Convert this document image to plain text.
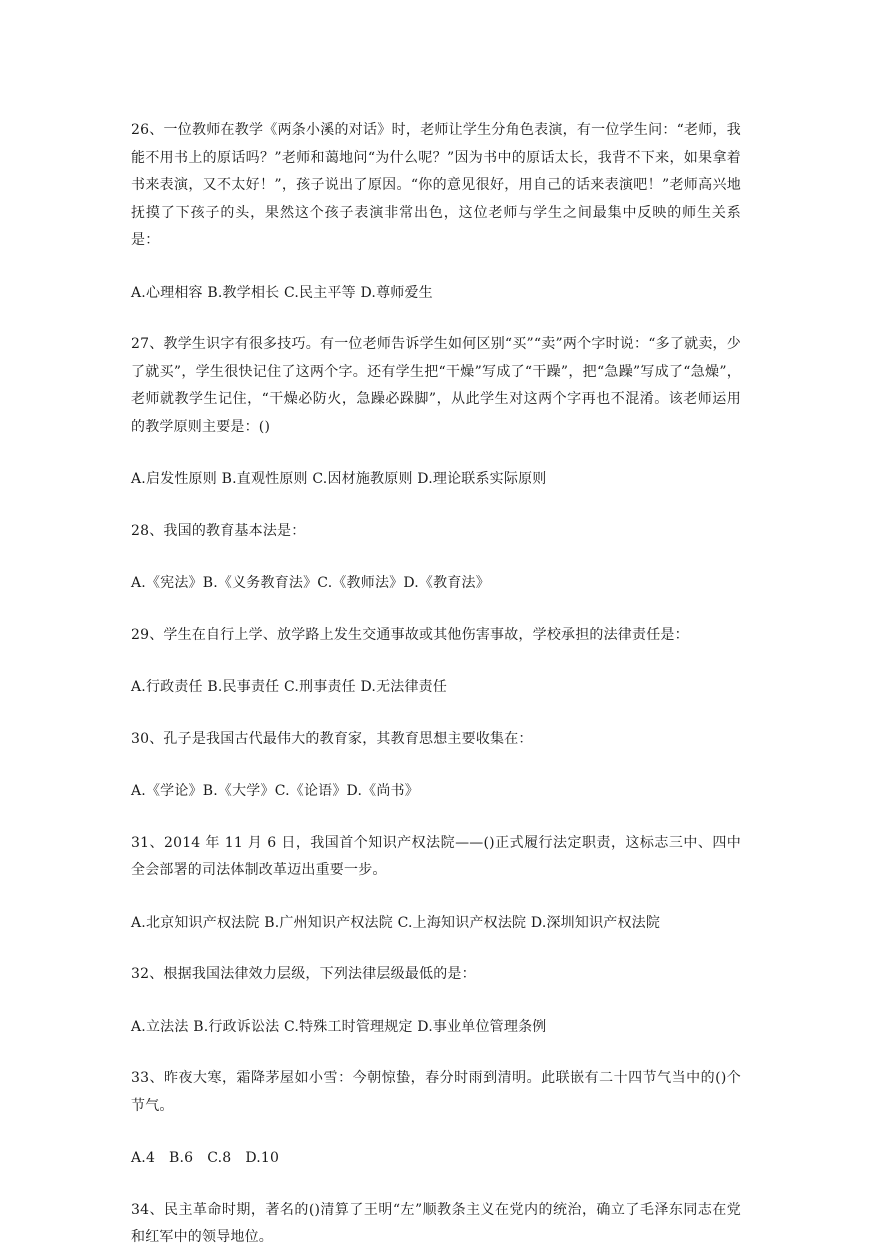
26、一位教师在教学《两条小溪的对话》时，老师让学生分角色表演，有一位学生问：“老师，我能不用书上的原话吗？”老师和蔼地问“为什么呢？”因为书中的原话太长，我背不下来，如果拿着书来表演，又不太好！”，孩子说出了原因。“你的意见很好，用自己的话来表演吧！”老师高兴地抚摸了下孩子的头，果然这个孩子表演非常出色，这位老师与学生之间最集中反映的师生关系是：

A.心理相容 B.教学相长 C.民主平等 D.尊师爱生

27、教学生识字有很多技巧。有一位老师告诉学生如何区别“买”“卖”两个字时说：“多了就卖，少了就买”，学生很快记住了这两个字。还有学生把“干燥”写成了“干躁”，把“急躁”写成了“急燥”，老师就教学生记住，“干燥必防火，急躁必跺脚”，从此学生对这两个字再也不混淆。该老师运用的教学原则主要是：()

A.启发性原则 B.直观性原则 C.因材施教原则 D.理论联系实际原则

28、我国的教育基本法是：

A.《宪法》B.《义务教育法》C.《教师法》D.《教育法》

29、学生在自行上学、放学路上发生交通事故或其他伤害事故，学校承担的法律责任是：

A.行政责任 B.民事责任 C.刑事责任 D.无法律责任

30、孔子是我国古代最伟大的教育家，其教育思想主要收集在：

A.《学论》B.《大学》C.《论语》D.《尚书》

31、2014 年 11 月 6 日，我国首个知识产权法院——()正式履行法定职责，这标志三中、四中全会部署的司法体制改革迈出重要一步。

A.北京知识产权法院 B.广州知识产权法院 C.上海知识产权法院 D.深圳知识产权法院

32、根据我国法律效力层级，下列法律层级最低的是：

A.立法法 B.行政诉讼法 C.特殊工时管理规定 D.事业单位管理条例

33、昨夜大寒，霜降茅屋如小雪：今朝惊蛰，春分时雨到清明。此联嵌有二十四节气当中的()个节气。

A.4   B.6   C.8   D.10

34、民主革命时期，著名的()清算了王明“左”顺教条主义在党内的统治，确立了毛泽东同志在党和红军中的领导地位。
